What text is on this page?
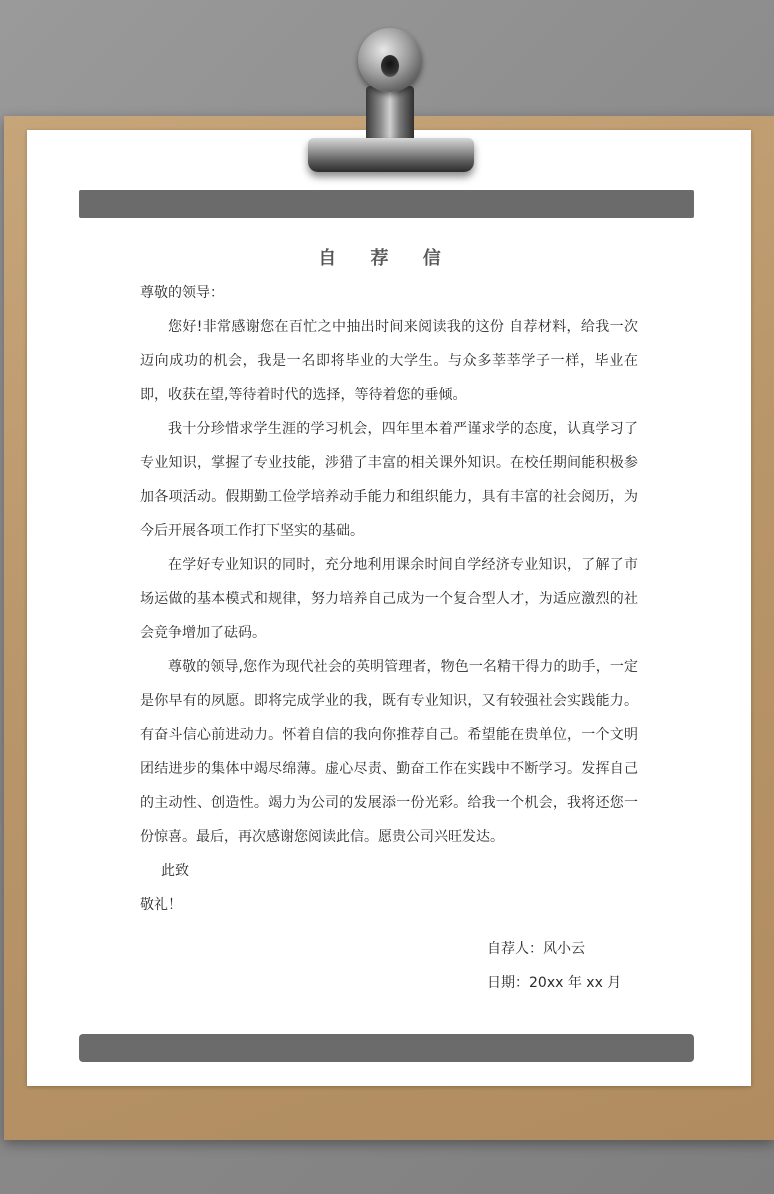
自 荐 信

尊敬的领导：

您好!非常感谢您在百忙之中抽出时间来阅读我的这份 自荐材料，给我一次迈向成功的机会，我是一名即将毕业的大学生。与众多莘莘学子一样，毕业在即，收获在望,等待着时代的选择，等待着您的垂倾。

我十分珍惜求学生涯的学习机会，四年里本着严谨求学的态度，认真学习了专业知识，掌握了专业技能，涉猎了丰富的相关课外知识。在校任期间能积极参加各项活动。假期勤工俭学培养动手能力和组织能力，具有丰富的社会阅历，为今后开展各项工作打下坚实的基础。

在学好专业知识的同时，充分地利用课余时间自学经济专业知识，了解了市场运做的基本模式和规律，努力培养自己成为一个复合型人才，为适应激烈的社会竞争增加了砝码。

尊敬的领导,您作为现代社会的英明管理者，物色一名精干得力的助手，一定是你早有的夙愿。即将完成学业的我，既有专业知识，又有较强社会实践能力。有奋斗信心前进动力。怀着自信的我向你推荐自己。希望能在贵单位，一个文明团结进步的集体中竭尽绵薄。虚心尽责、勤奋工作在实践中不断学习。发挥自己的主动性、创造性。竭力为公司的发展添一份光彩。给我一个机会，我将还您一份惊喜。最后，再次感谢您阅读此信。愿贵公司兴旺发达。

此致

敬礼！

自荐人：风小云

日期：20xx 年 xx 月
